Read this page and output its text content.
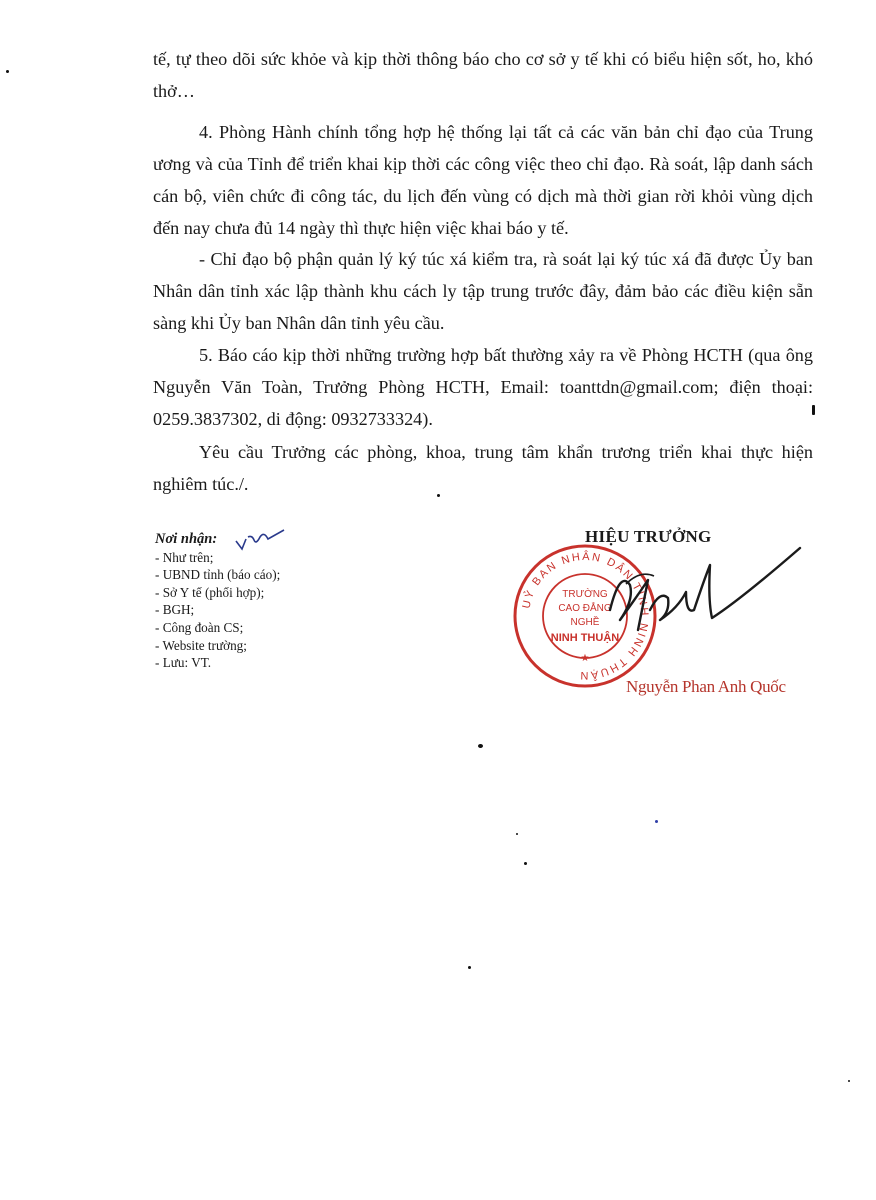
tế, tự theo dõi sức khỏe và kịp thời thông báo cho cơ sở y tế khi có biểu hiện sốt, ho, khó thở…

4. Phòng Hành chính tổng hợp hệ thống lại tất cả các văn bản chỉ đạo của Trung ương và của Tỉnh để triển khai kịp thời các công việc theo chỉ đạo. Rà soát, lập danh sách cán bộ, viên chức đi công tác, du lịch đến vùng có dịch mà thời gian rời khỏi vùng dịch đến nay chưa đủ 14 ngày thì thực hiện việc khai báo y tế.

- Chỉ đạo bộ phận quản lý ký túc xá kiểm tra, rà soát lại ký túc xá đã được Ủy ban Nhân dân tỉnh xác lập thành khu cách ly tập trung trước đây, đảm bảo các điều kiện sẵn sàng khi Ủy ban Nhân dân tỉnh yêu cầu.

5. Báo cáo kịp thời những trường hợp bất thường xảy ra về Phòng HCTH (qua ông Nguyễn Văn Toàn, Trưởng Phòng HCTH, Email: toanttdn@gmail.com; điện thoại: 0259.3837302, di động: 0932733324).

Yêu cầu Trưởng các phòng, khoa, trung tâm khẩn trương triển khai thực hiện nghiêm túc./.

Nơi nhận:
- Như trên;
- UBND tỉnh (báo cáo);
- Sở Y tế (phối hợp);
- BGH;
- Công đoàn CS;
- Website trường;
- Lưu: VT.
HIỆU TRƯỞNG
UỶ BAN NHÂN DÂN TỈNH NINH THUẬN
TRƯỜNG
CAO ĐẲNG
NGHỀ
NINH THUẬN
★
Nguyễn Phan Anh Quốc
